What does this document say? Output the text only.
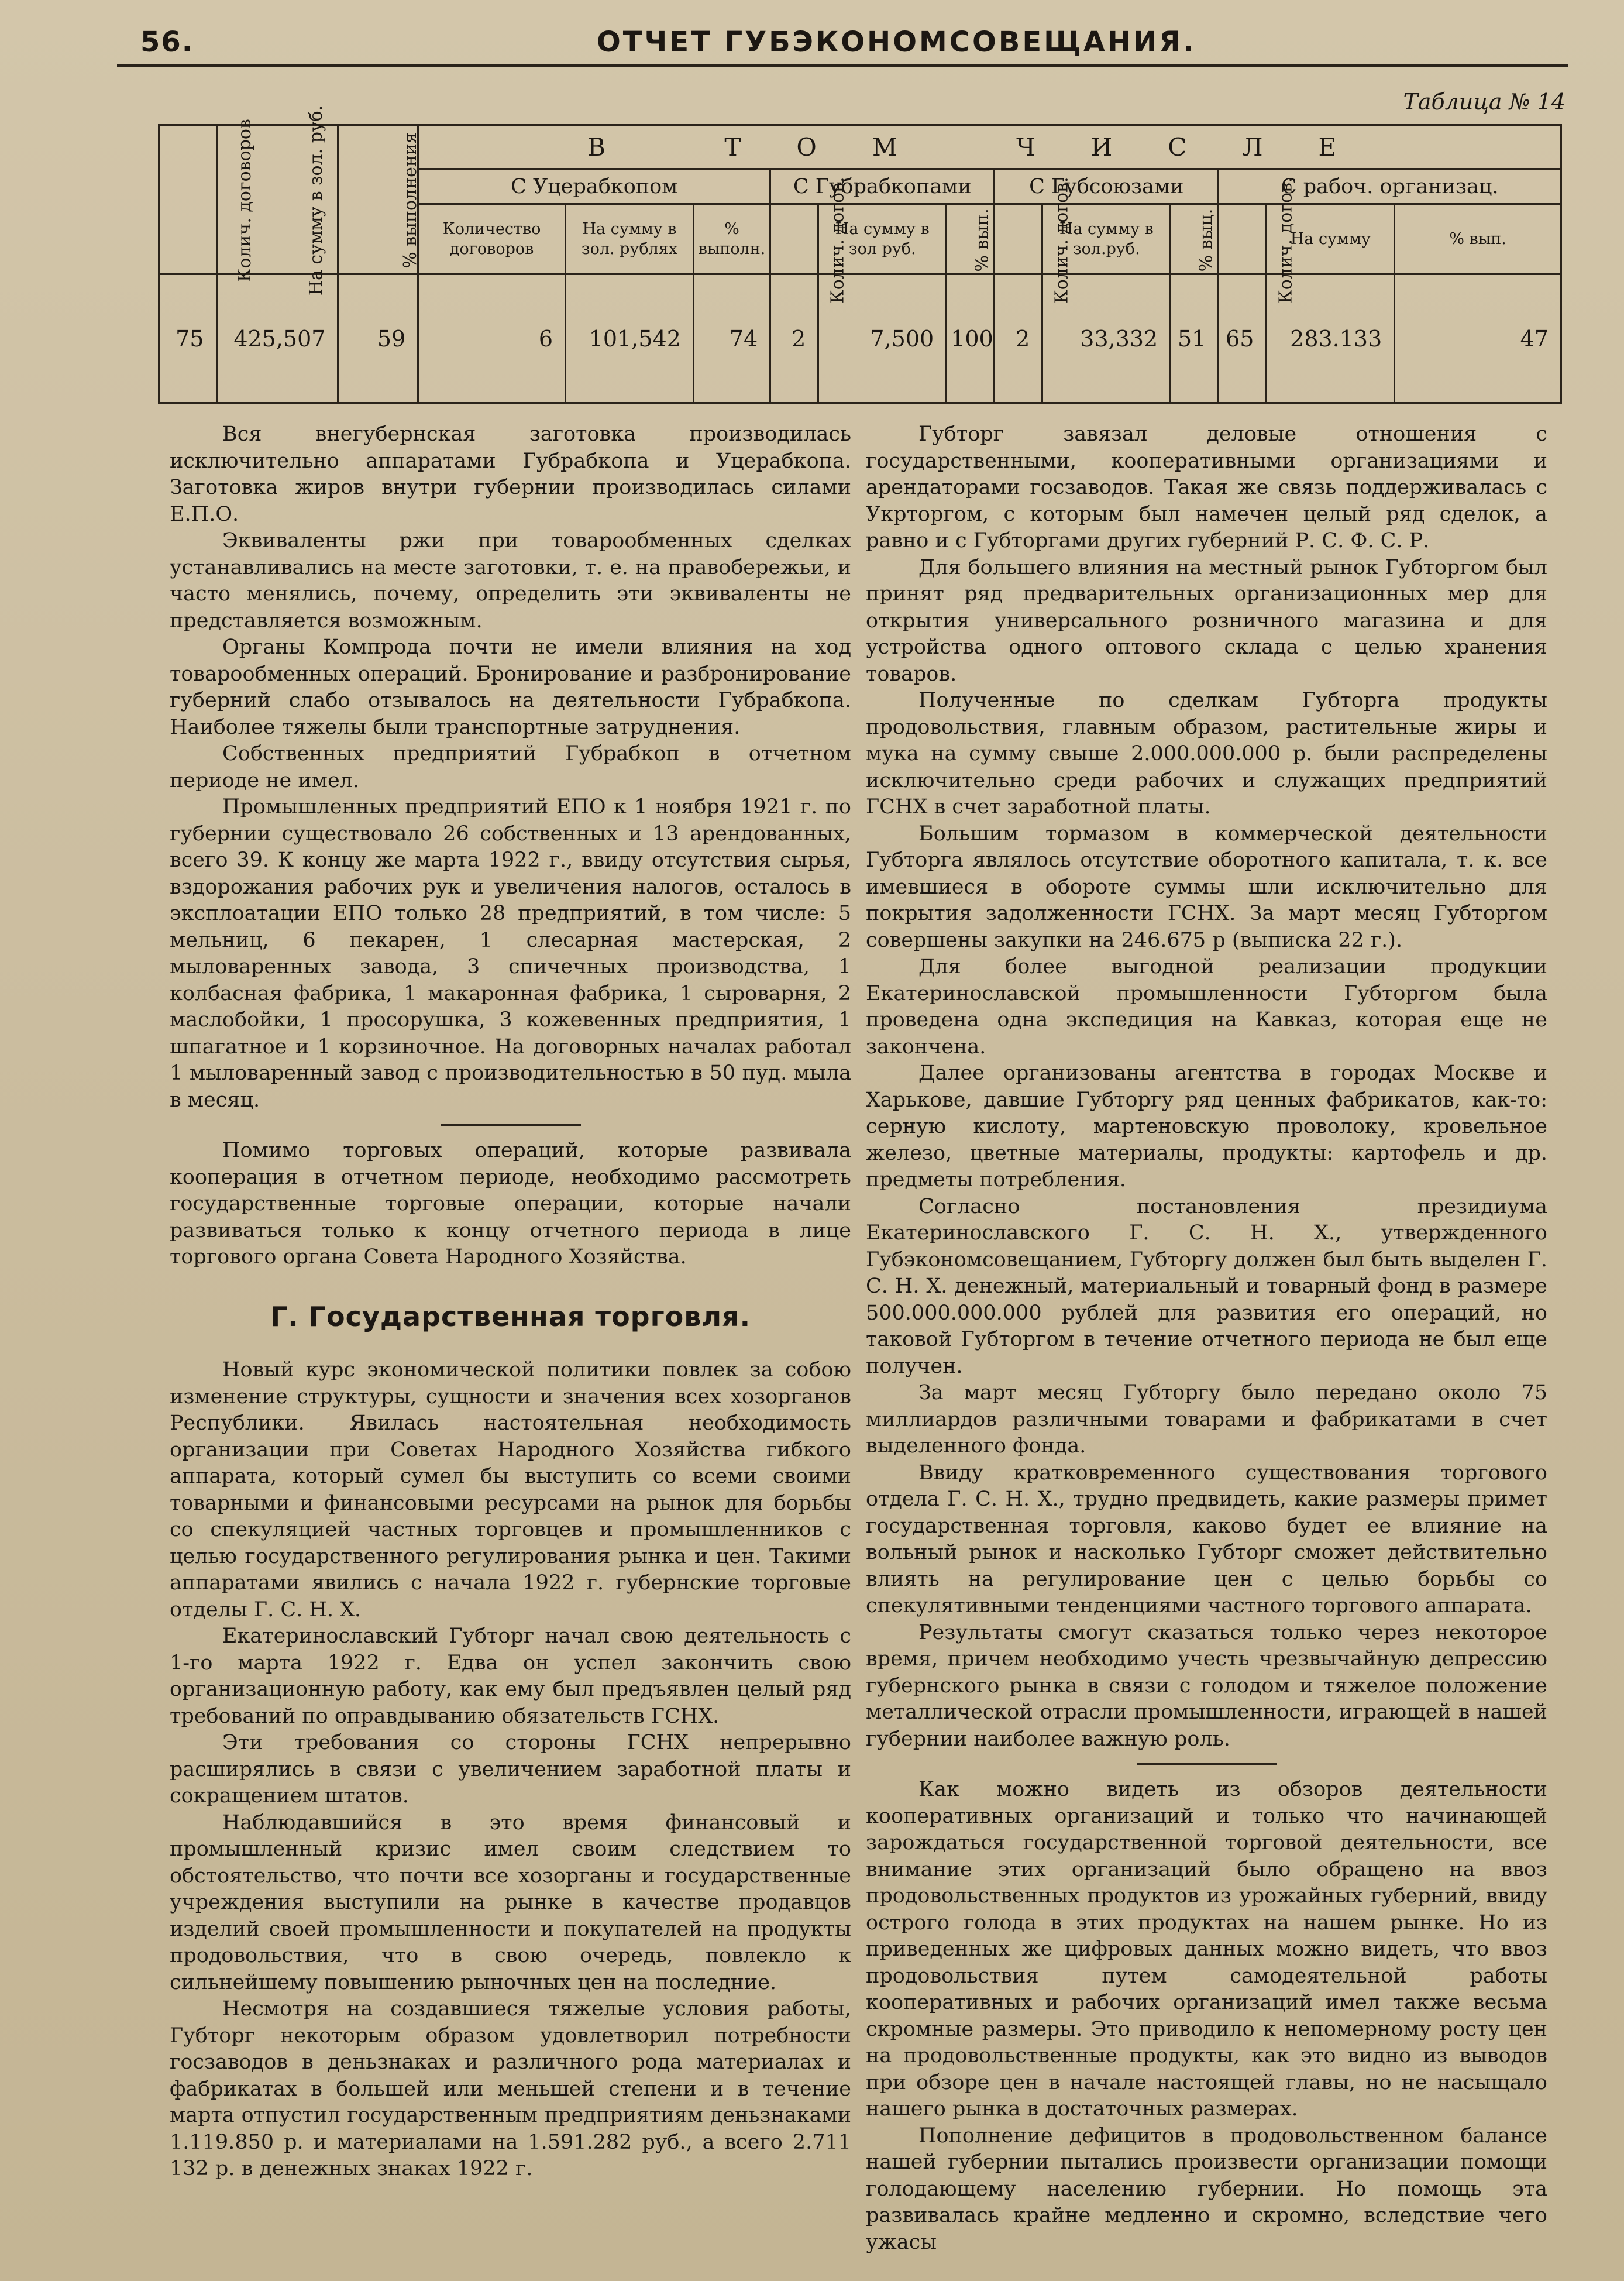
56.	ОТЧЕТ ГУБЭКОНОМСОВЕЩАНИЯ.
Таблица № 14
Колич. договоров	На сумму в зол. руб.	% выполнения	В ТОМ ЧИСЛЕ											
			С Уцерабкопом			С Губрабкопами			С Губсоюзами			С рабоч. организац.		
			Количество договоров	На сумму в зол. рублях	% выполн.	Колич. догов.	На сумму в зол руб.	% вып.	Колич. догов.	На сумму в зол.руб.	% выц.	Колич. догов.	На сумму	% вып.
75	425,507	59	6	101,542	74	2	7,500	100	2	33,332	51	65	283.133	47

Вся внегубернская заготовка производилась исключительно аппаратами Губрабкопа и Уцерабкопа. Заготовка жиров внутри губернии производилась силами Е.П.О.

Эквиваленты ржи при товарообменных сделках устанавливались на месте заготовки, т. е. на правобережьи, и часто менялись, почему, определить эти эквиваленты не представляется возможным.

Органы Компрода почти не имели влияния на ход товарообменных операций. Бронирование и разбронирование губерний слабо отзывалось на деятельности Губрабкопа. Наиболее тяжелы были транспортные затруднения.

Собственных предприятий Губрабкоп в отчетном периоде не имел.

Промышленных предприятий ЕПО к 1 ноября 1921 г. по губернии существовало 26 собственных и 13 арендованных, всего 39. К концу же марта 1922 г., ввиду отсутствия сырья, вздорожания рабочих рук и увеличения налогов, осталось в эксплоатации ЕПО только 28 предприятий, в том числе: 5 мельниц, 6 пекарен, 1 слесарная мастерская, 2 мыловаренных завода, 3 спичечных производства, 1 колбасная фабрика, 1 макаронная фабрика, 1 сыроварня, 2 маслобойки, 1 просорушка, 3 кожевенных предприятия, 1 шпагатное и 1 корзиночное. На договорных началах работал 1 мыловаренный завод с производительностью в 50 пуд. мыла в месяц.

Помимо торговых операций, которые развивала кооперация в отчетном периоде, необходимо рассмотреть государственные торговые операции, которые начали развиваться только к концу отчетного периода в лице торгового органа Совета Народного Хозяйства.

Г. Государственная торговля.

Новый курс экономической политики повлек за собою изменение структуры, сущности и значения всех хозорганов Республики. Явилась настоятельная необходимость организации при Советах Народного Хозяйства гибкого аппарата, который сумел бы выступить со всеми своими товарными и финансовыми ресурсами на рынок для борьбы со спекуляцией частных торговцев и промышленников с целью государственного регулирования рынка и цен. Такими аппаратами явились с начала 1922 г. губернские торговые отделы Г. С. Н. Х.

Екатеринославский Губторг начал свою деятельность с 1-го марта 1922 г. Едва он успел закончить свою организационную работу, как ему был предъявлен целый ряд требований по оправдыванию обязательств ГСНХ.

Эти требования со стороны ГСНХ непрерывно расширялись в связи с увеличением заработной платы и сокращением штатов.

Наблюдавшийся в это время финансовый и промышленный кризис имел своим следствием то обстоятельство, что почти все хозорганы и государственные учреждения выступили на рынке в качестве продавцов изделий своей промышленности и покупателей на продукты продовольствия, что в свою очередь, повлекло к сильнейшему повышению рыночных цен на последние.

Несмотря на создавшиеся тяжелые условия работы, Губторг некоторым образом удовлетворил потребности госзаводов в деньзнаках и различного рода материалах и фабрикатах в большей или меньшей степени и в течение марта отпустил государственным предприятиям деньзнаками 1.119.850 р. и материалами на 1.591.282 руб., а всего 2.711 132 р. в денежных знаках 1922 г.

Губторг завязал деловые отношения с государственными, кооперативными организациями и арендаторами госзаводов. Такая же связь поддерживалась с Укрторгом, с которым был намечен целый ряд сделок, а равно и с Губторгами других губерний Р. С. Ф. С. Р.

Для большего влияния на местный рынок Губторгом был принят ряд предварительных организационных мер для открытия универсального розничного магазина и для устройства одного оптового склада с целью хранения товаров.

Полученные по сделкам Губторга продукты продовольствия, главным образом, растительные жиры и мука на сумму свыше 2.000.000.000 р. были распределены исключительно среди рабочих и служащих предприятий ГСНХ в счет заработной платы.

Большим тормазом в коммерческой деятельности Губторга являлось отсутствие оборотного капитала, т. к. все имевшиеся в обороте суммы шли исключительно для покрытия задолженности ГСНХ. За март месяц Губторгом совершены закупки на 246.675 р (выписка 22 г.).

Для более выгодной реализации продукции Екатеринославской промышленности Губторгом была проведена одна экспедиция на Кавказ, которая еще не закончена.

Далее организованы агентства в городах Москве и Харькове, давшие Губторгу ряд ценных фабрикатов, как-то: серную кислоту, мартеновскую проволоку, кровельное железо, цветные материалы, продукты: картофель и др. предметы потребления.

Согласно постановления президиума Екатеринославского Г. С. Н. Х., утвержденного Губэкономсовещанием, Губторгу должен был быть выделен Г. С. Н. Х. денежный, материальный и товарный фонд в размере 500.000.000.000 рублей для развития его операций, но таковой Губторгом в течение отчетного периода не был еще получен.

За март месяц Губторгу было передано около 75 миллиардов различными товарами и фабрикатами в счет выделенного фонда.

Ввиду кратковременного существования торгового отдела Г. С. Н. Х., трудно предвидеть, какие размеры примет государственная торговля, каково будет ее влияние на вольный рынок и насколько Губторг сможет действительно влиять на регулирование цен с целью борьбы со спекулятивными тенденциями частного торгового аппарата.

Результаты смогут сказаться только через некоторое время, причем необходимо учесть чрезвычайную депрессию губернского рынка в связи с голодом и тяжелое положение металлической отрасли промышленности, играющей в нашей губернии наиболее важную роль.

Как можно видеть из обзоров деятельности кооперативных организаций и только что начинающей зарождаться государственной торговой деятельности, все внимание этих организаций было обращено на ввоз продовольственных продуктов из урожайных губерний, ввиду острого голода в этих продуктах на нашем рынке. Но из приведенных же цифровых данных можно видеть, что ввоз продовольствия путем самодеятельной работы кооперативных и рабочих организаций имел также весьма скромные размеры. Это приводило к непомерному росту цен на продовольственные продукты, как это видно из выводов при обзоре цен в начале настоящей главы, но не насыщало нашего рынка в достаточных размерах.

Пополнение дефицитов в продовольственном балансе нашей губернии пытались произвести организации помощи голодающему населению губернии. Но помощь эта развивалась крайне медленно и скромно, вследствие чего ужасы
